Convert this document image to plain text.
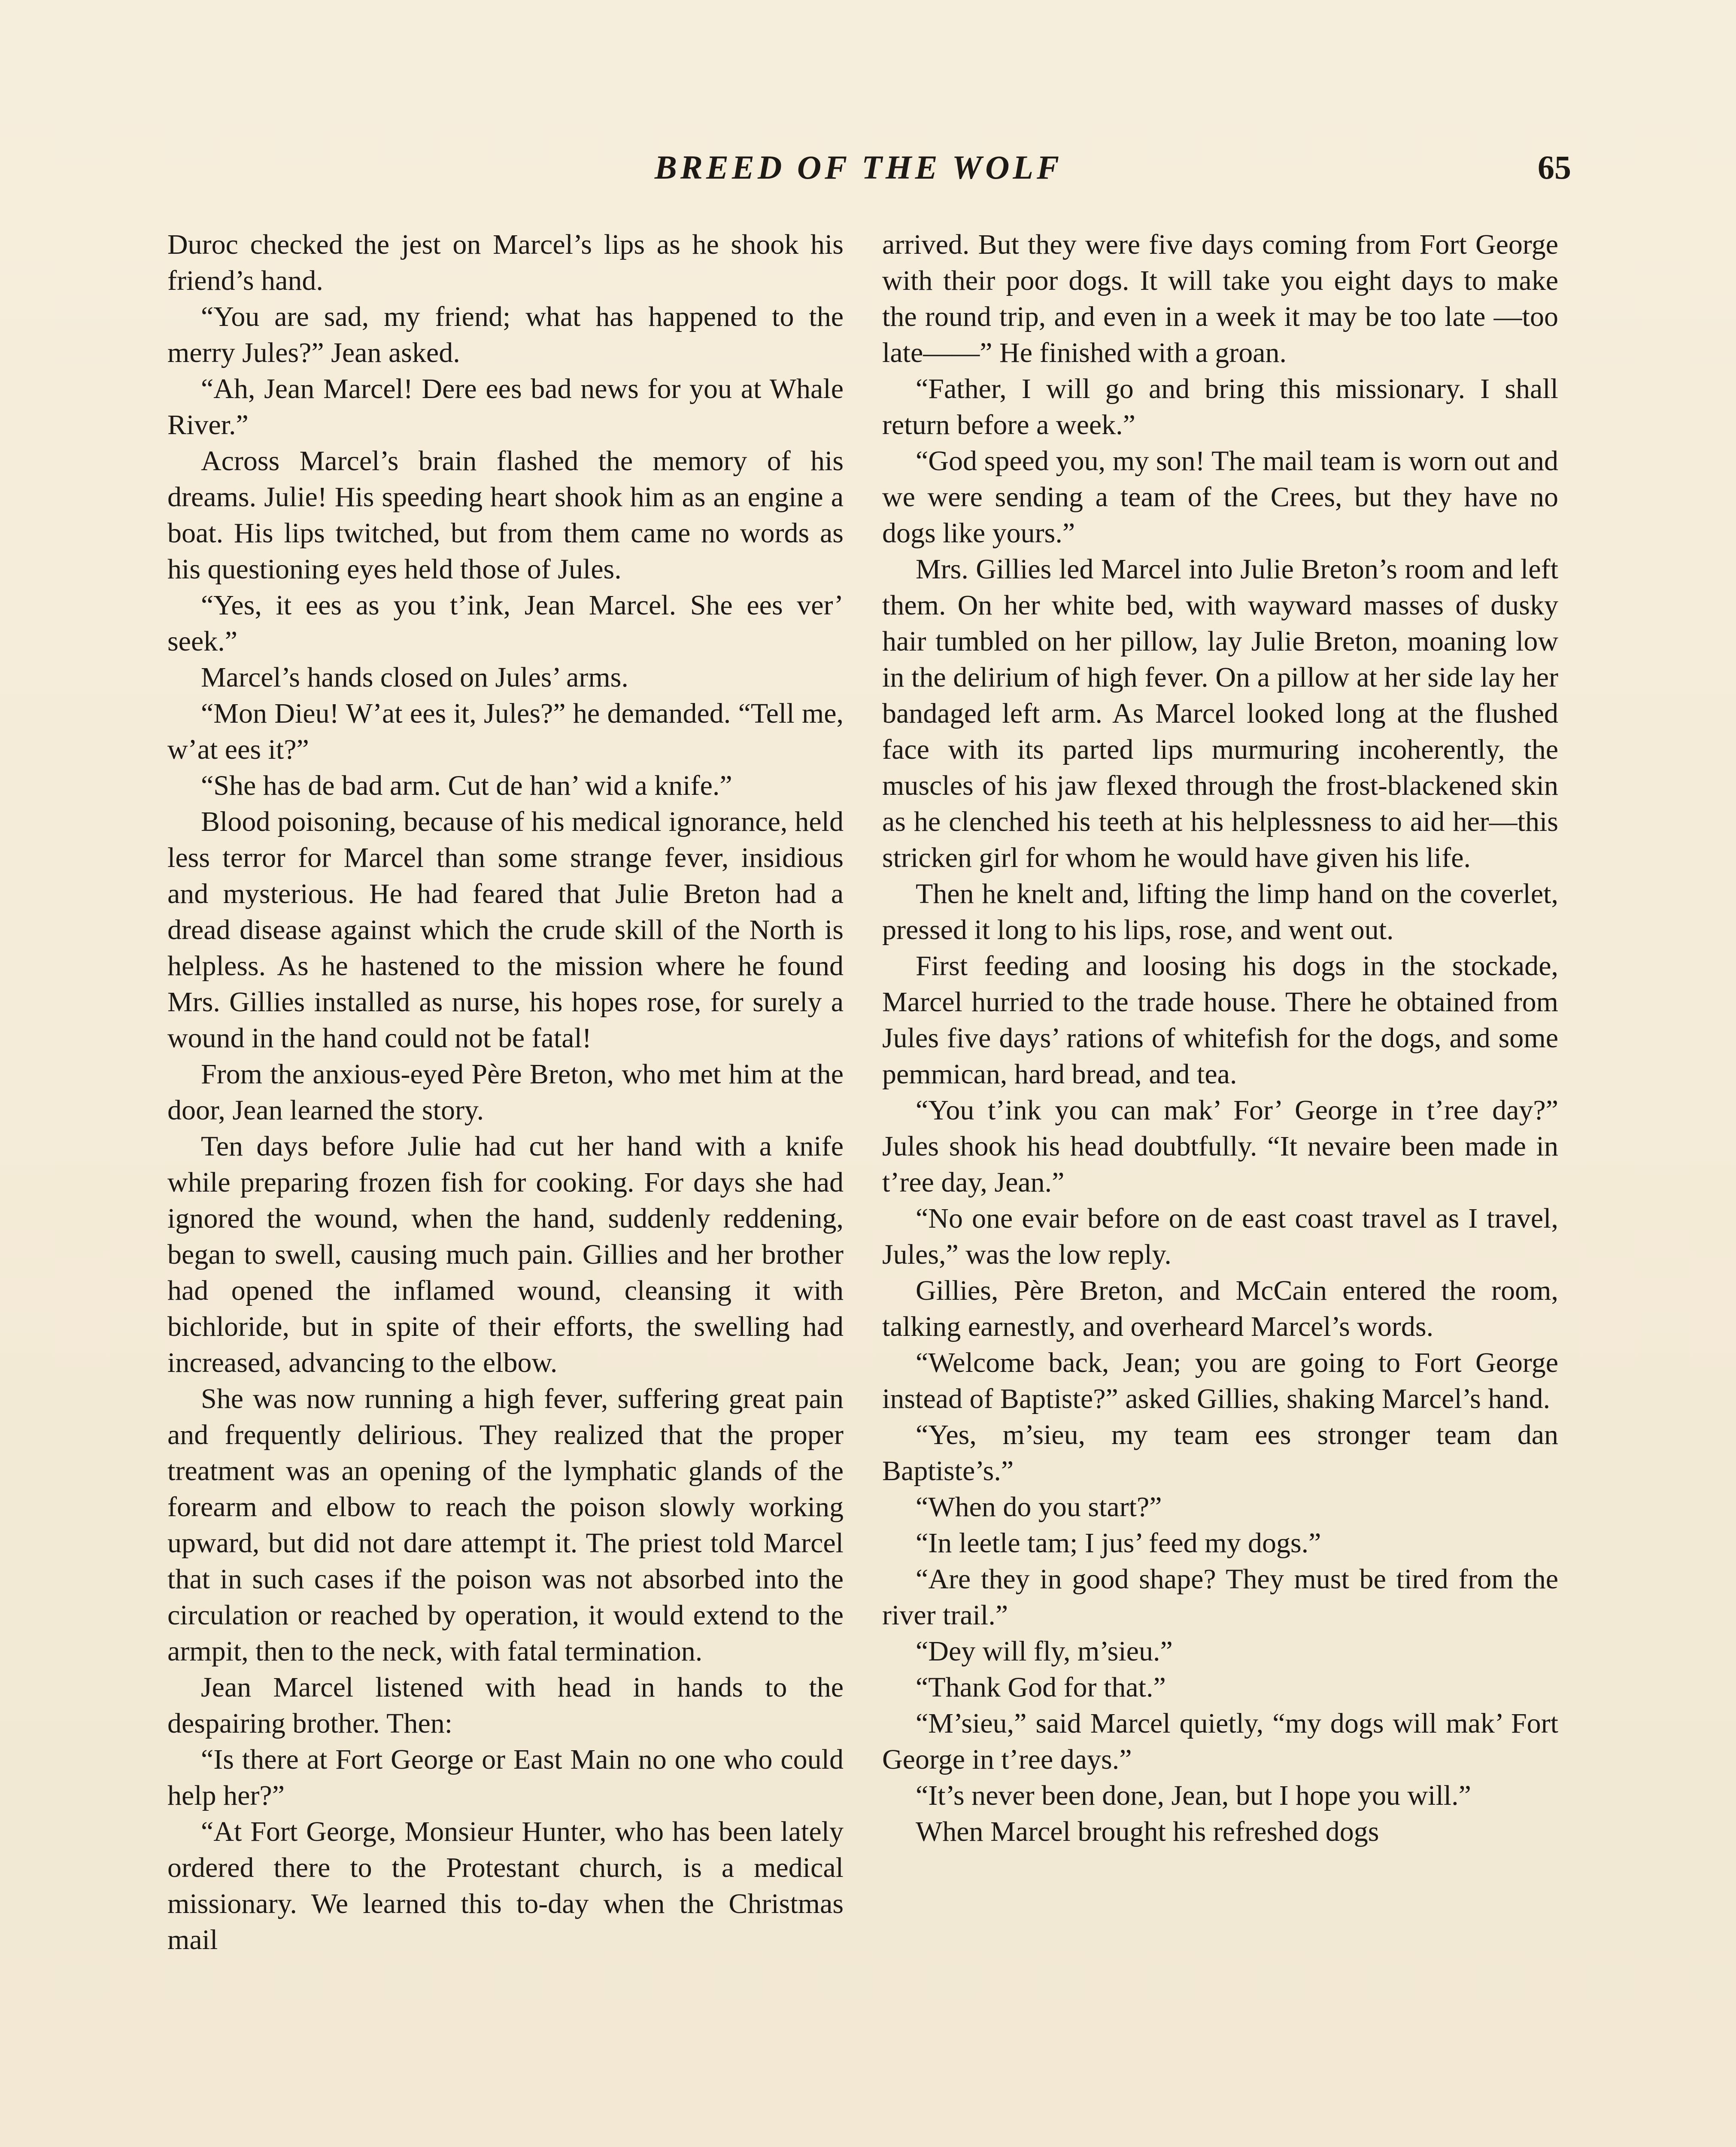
BREED OF THE WOLF	65

Duroc checked the jest on Marcel’s lips as he shook his friend’s hand.

“You are sad, my friend; what has happened to the merry Jules?” Jean asked.

“Ah, Jean Marcel! Dere ees bad news for you at Whale River.”

Across Marcel’s brain flashed the memory of his dreams. Julie! His speeding heart shook him as an engine a boat. His lips twitched, but from them came no words as his questioning eyes held those of Jules.

“Yes, it ees as you t’ink, Jean Marcel. She ees ver’ seek.”

Marcel’s hands closed on Jules’ arms.

“Mon Dieu! W’at ees it, Jules?” he demanded. “Tell me, w’at ees it?”

“She has de bad arm. Cut de han’ wid a knife.”

Blood poisoning, because of his medical ignorance, held less terror for Marcel than some strange fever, insidious and mysterious. He had feared that Julie Breton had a dread disease against which the crude skill of the North is helpless. As he hastened to the mission where he found Mrs. Gillies installed as nurse, his hopes rose, for surely a wound in the hand could not be fatal!

From the anxious-eyed Père Breton, who met him at the door, Jean learned the story.

Ten days before Julie had cut her hand with a knife while preparing frozen fish for cooking. For days she had ignored the wound, when the hand, suddenly reddening, began to swell, causing much pain. Gillies and her brother had opened the inflamed wound, cleansing it with bichloride, but in spite of their efforts, the swelling had increased, advancing to the elbow.

She was now running a high fever, suffering great pain and frequently delirious. They realized that the proper treatment was an opening of the lymphatic glands of the forearm and elbow to reach the poison slowly working upward, but did not dare attempt it. The priest told Marcel that in such cases if the poison was not absorbed into the circulation or reached by operation, it would extend to the armpit, then to the neck, with fatal termination.

Jean Marcel listened with head in hands to the despairing brother. Then:

“Is there at Fort George or East Main no one who could help her?”

“At Fort George, Monsieur Hunter, who has been lately ordered there to the Protestant church, is a medical missionary. We learned this to-day when the Christmas mail

arrived. But they were five days coming from Fort George with their poor dogs. It will take you eight days to make the round trip, and even in a week it may be too late —too late——” He finished with a groan.

“Father, I will go and bring this missionary. I shall return before a week.”

“God speed you, my son! The mail team is worn out and we were sending a team of the Crees, but they have no dogs like yours.”

Mrs. Gillies led Marcel into Julie Breton’s room and left them. On her white bed, with wayward masses of dusky hair tumbled on her pillow, lay Julie Breton, moaning low in the delirium of high fever. On a pillow at her side lay her bandaged left arm. As Marcel looked long at the flushed face with its parted lips murmuring incoherently, the muscles of his jaw flexed through the frost-blackened skin as he clenched his teeth at his helplessness to aid her—this stricken girl for whom he would have given his life.

Then he knelt and, lifting the limp hand on the coverlet, pressed it long to his lips, rose, and went out.

First feeding and loosing his dogs in the stockade, Marcel hurried to the trade house. There he obtained from Jules five days’ rations of whitefish for the dogs, and some pemmican, hard bread, and tea.

“You t’ink you can mak’ For’ George in t’ree day?” Jules shook his head doubtfully. “It nevaire been made in t’ree day, Jean.”

“No one evair before on de east coast travel as I travel, Jules,” was the low reply.

Gillies, Père Breton, and McCain entered the room, talking earnestly, and overheard Marcel’s words.

“Welcome back, Jean; you are going to Fort George instead of Baptiste?” asked Gillies, shaking Marcel’s hand.

“Yes, m’sieu, my team ees stronger team dan Baptiste’s.”

“When do you start?”

“In leetle tam; I jus’ feed my dogs.”

“Are they in good shape? They must be tired from the river trail.”

“Dey will fly, m’sieu.”

“Thank God for that.”

“M’sieu,” said Marcel quietly, “my dogs will mak’ Fort George in t’ree days.”

“It’s never been done, Jean, but I hope you will.”

When Marcel brought his refreshed dogs
